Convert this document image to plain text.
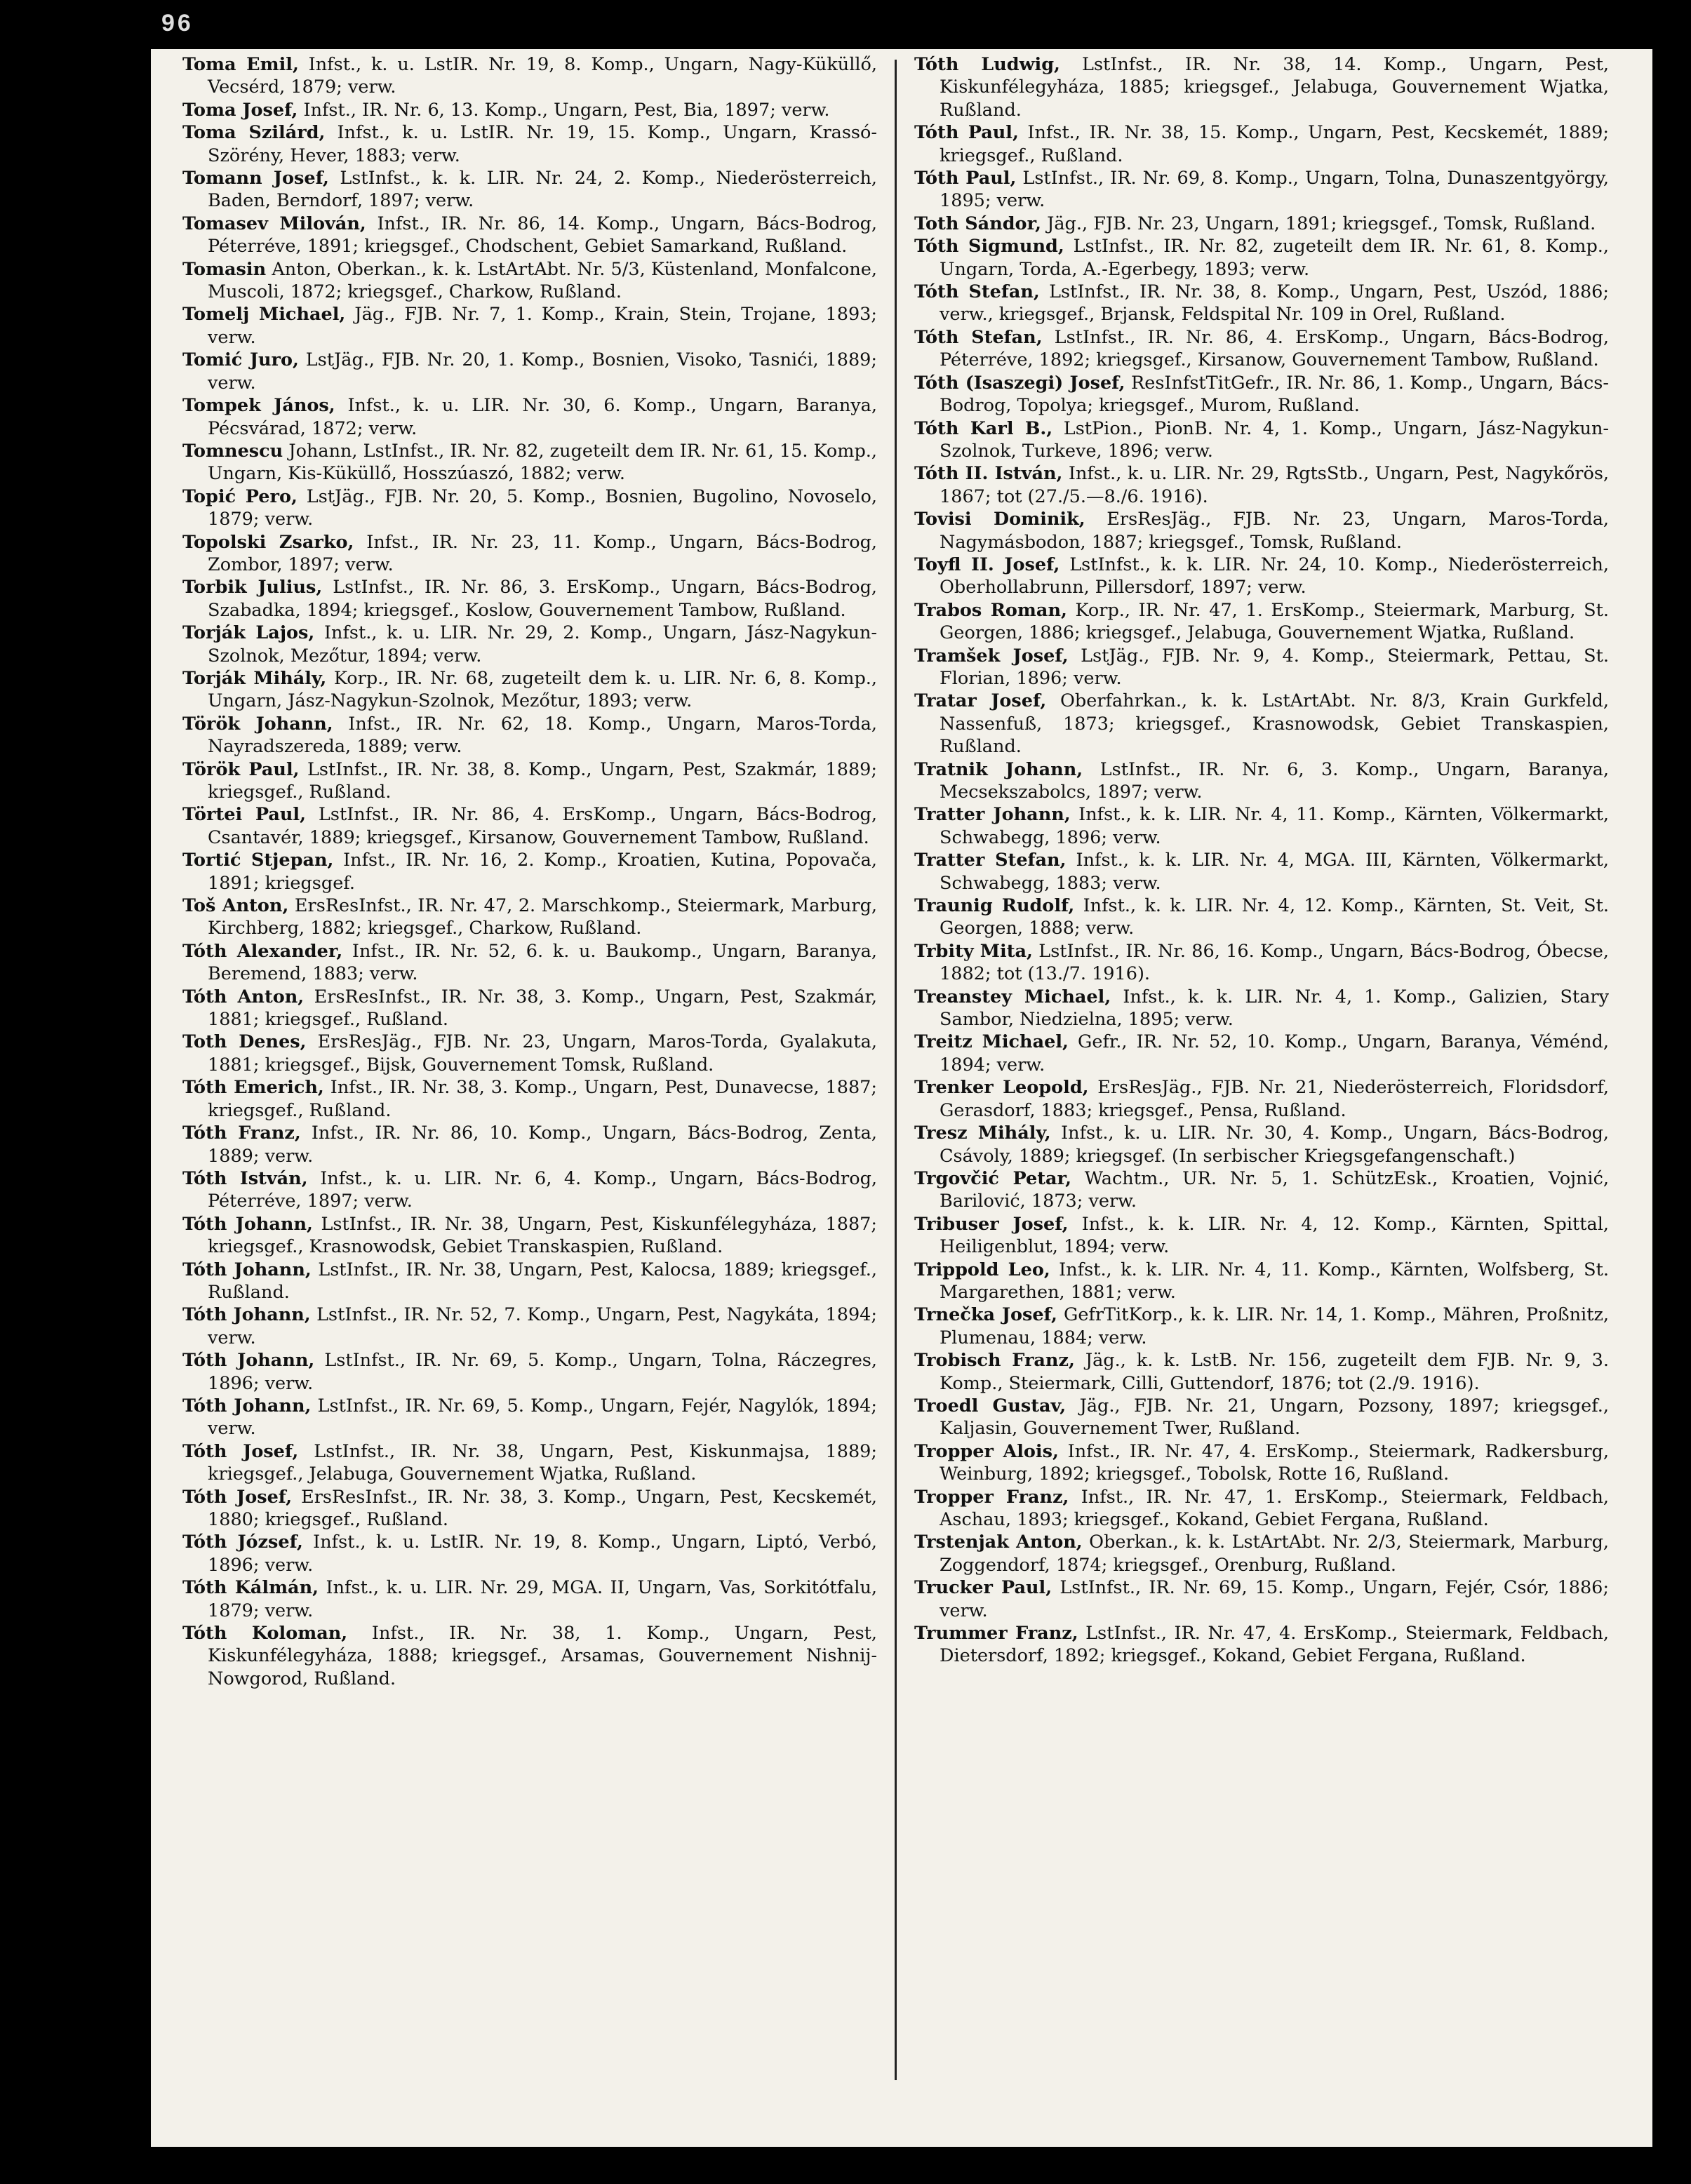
96

Toma Emil, Infst., k. u. LstIR. Nr. 19, 8. Komp., Ungarn, Nagy-Küküllő, Vecsérd, 1879; verw.

Toma Josef, Infst., IR. Nr. 6, 13. Komp., Ungarn, Pest, Bia, 1897; verw.

Toma Szilárd, Infst., k. u. LstIR. Nr. 19, 15. Komp., Ungarn, Krassó-Szörény, Hever, 1883; verw.

Tomann Josef, LstInfst., k. k. LIR. Nr. 24, 2. Komp., Niederösterreich, Baden, Berndorf, 1897; verw.

Tomasev Milován, Infst., IR. Nr. 86, 14. Komp., Ungarn, Bács-Bodrog, Péterréve, 1891; kriegsgef., Chodschent, Gebiet Samarkand, Rußland.

Tomasin Anton, Oberkan., k. k. LstArtAbt. Nr. 5/3, Küstenland, Monfalcone, Muscoli, 1872; kriegsgef., Charkow, Rußland.

Tomelj Michael, Jäg., FJB. Nr. 7, 1. Komp., Krain, Stein, Trojane, 1893; verw.

Tomić Juro, LstJäg., FJB. Nr. 20, 1. Komp., Bosnien, Visoko, Tasnići, 1889; verw.

Tompek János, Infst., k. u. LIR. Nr. 30, 6. Komp., Ungarn, Baranya, Pécsvárad, 1872; verw.

Tomnescu Johann, LstInfst., IR. Nr. 82, zugeteilt dem IR. Nr. 61, 15. Komp., Ungarn, Kis-Küküllő, Hosszúaszó, 1882; verw.

Topić Pero, LstJäg., FJB. Nr. 20, 5. Komp., Bosnien, Bugolino, Novoselo, 1879; verw.

Topolski Zsarko, Infst., IR. Nr. 23, 11. Komp., Ungarn, Bács-Bodrog, Zombor, 1897; verw.

Torbik Julius, LstInfst., IR. Nr. 86, 3. ErsKomp., Ungarn, Bács-Bodrog, Szabadka, 1894; kriegsgef., Koslow, Gouvernement Tambow, Rußland.

Torják Lajos, Infst., k. u. LIR. Nr. 29, 2. Komp., Ungarn, Jász-Nagykun-Szolnok, Mezőtur, 1894; verw.

Torják Mihály, Korp., IR. Nr. 68, zugeteilt dem k. u. LIR. Nr. 6, 8. Komp., Ungarn, Jász-Nagykun-Szolnok, Mezőtur, 1893; verw.

Török Johann, Infst., IR. Nr. 62, 18. Komp., Ungarn, Maros-Torda, Nayradszereda, 1889; verw.

Török Paul, LstInfst., IR. Nr. 38, 8. Komp., Ungarn, Pest, Szakmár, 1889; kriegsgef., Rußland.

Törtei Paul, LstInfst., IR. Nr. 86, 4. ErsKomp., Ungarn, Bács-Bodrog, Csantavér, 1889; kriegsgef., Kirsanow, Gouvernement Tambow, Rußland.

Tortić Stjepan, Infst., IR. Nr. 16, 2. Komp., Kroatien, Kutina, Popovača, 1891; kriegsgef.

Toš Anton, ErsResInfst., IR. Nr. 47, 2. Marschkomp., Steiermark, Marburg, Kirchberg, 1882; kriegsgef., Charkow, Rußland.

Tóth Alexander, Infst., IR. Nr. 52, 6. k. u. Baukomp., Ungarn, Baranya, Beremend, 1883; verw.

Tóth Anton, ErsResInfst., IR. Nr. 38, 3. Komp., Ungarn, Pest, Szakmár, 1881; kriegsgef., Rußland.

Toth Denes, ErsResJäg., FJB. Nr. 23, Ungarn, Maros-Torda, Gyalakuta, 1881; kriegsgef., Bijsk, Gouvernement Tomsk, Rußland.

Tóth Emerich, Infst., IR. Nr. 38, 3. Komp., Ungarn, Pest, Dunavecse, 1887; kriegsgef., Rußland.

Tóth Franz, Infst., IR. Nr. 86, 10. Komp., Ungarn, Bács-Bodrog, Zenta, 1889; verw.

Tóth István, Infst., k. u. LIR. Nr. 6, 4. Komp., Ungarn, Bács-Bodrog, Péterréve, 1897; verw.

Tóth Johann, LstInfst., IR. Nr. 38, Ungarn, Pest, Kiskunfélegyháza, 1887; kriegsgef., Krasnowodsk, Gebiet Transkaspien, Rußland.

Tóth Johann, LstInfst., IR. Nr. 38, Ungarn, Pest, Kalocsa, 1889; kriegsgef., Rußland.

Tóth Johann, LstInfst., IR. Nr. 52, 7. Komp., Ungarn, Pest, Nagykáta, 1894; verw.

Tóth Johann, LstInfst., IR. Nr. 69, 5. Komp., Ungarn, Tolna, Ráczegres, 1896; verw.

Tóth Johann, LstInfst., IR. Nr. 69, 5. Komp., Ungarn, Fejér, Nagylók, 1894; verw.

Tóth Josef, LstInfst., IR. Nr. 38, Ungarn, Pest, Kiskunmajsa, 1889; kriegsgef., Jelabuga, Gouvernement Wjatka, Rußland.

Tóth Josef, ErsResInfst., IR. Nr. 38, 3. Komp., Ungarn, Pest, Kecskemét, 1880; kriegsgef., Rußland.

Tóth József, Infst., k. u. LstIR. Nr. 19, 8. Komp., Ungarn, Liptó, Verbó, 1896; verw.

Tóth Kálmán, Infst., k. u. LIR. Nr. 29, MGA. II, Ungarn, Vas, Sorkitótfalu, 1879; verw.

Tóth Koloman, Infst., IR. Nr. 38, 1. Komp., Ungarn, Pest, Kiskunfélegyháza, 1888; kriegsgef., Arsamas, Gouvernement Nishnij-Nowgorod, Rußland.

Tóth Ludwig, LstInfst., IR. Nr. 38, 14. Komp., Ungarn, Pest, Kiskunfélegyháza, 1885; kriegsgef., Jelabuga, Gouvernement Wjatka, Rußland.

Tóth Paul, Infst., IR. Nr. 38, 15. Komp., Ungarn, Pest, Kecskemét, 1889; kriegsgef., Rußland.

Tóth Paul, LstInfst., IR. Nr. 69, 8. Komp., Ungarn, Tolna, Dunaszentgyörgy, 1895; verw.

Toth Sándor, Jäg., FJB. Nr. 23, Ungarn, 1891; kriegsgef., Tomsk, Rußland.

Tóth Sigmund, LstInfst., IR. Nr. 82, zugeteilt dem IR. Nr. 61, 8. Komp., Ungarn, Torda, A.-Egerbegy, 1893; verw.

Tóth Stefan, LstInfst., IR. Nr. 38, 8. Komp., Ungarn, Pest, Uszód, 1886; verw., kriegsgef., Brjansk, Feldspital Nr. 109 in Orel, Rußland.

Tóth Stefan, LstInfst., IR. Nr. 86, 4. ErsKomp., Ungarn, Bács-Bodrog, Péterréve, 1892; kriegsgef., Kirsanow, Gouvernement Tambow, Rußland.

Tóth (Isaszegi) Josef, ResInfstTitGefr., IR. Nr. 86, 1. Komp., Ungarn, Bács-Bodrog, Topolya; kriegsgef., Murom, Rußland.

Tóth Karl B., LstPion., PionB. Nr. 4, 1. Komp., Ungarn, Jász-Nagykun-Szolnok, Turkeve, 1896; verw.

Tóth II. István, Infst., k. u. LIR. Nr. 29, RgtsStb., Ungarn, Pest, Nagykőrös, 1867; tot (27./5.—8./6. 1916).

Tovisi Dominik, ErsResJäg., FJB. Nr. 23, Ungarn, Maros-Torda, Nagymásbodon, 1887; kriegsgef., Tomsk, Rußland.

Toyfl II. Josef, LstInfst., k. k. LIR. Nr. 24, 10. Komp., Niederösterreich, Oberhollabrunn, Pillersdorf, 1897; verw.

Trabos Roman, Korp., IR. Nr. 47, 1. ErsKomp., Steiermark, Marburg, St. Georgen, 1886; kriegsgef., Jelabuga, Gouvernement Wjatka, Rußland.

Tramšek Josef, LstJäg., FJB. Nr. 9, 4. Komp., Steiermark, Pettau, St. Florian, 1896; verw.

Tratar Josef, Oberfahrkan., k. k. LstArtAbt. Nr. 8/3, Krain Gurkfeld, Nassenfuß, 1873; kriegsgef., Krasnowodsk, Gebiet Transkaspien, Rußland.

Tratnik Johann, LstInfst., IR. Nr. 6, 3. Komp., Ungarn, Baranya, Mecsekszabolcs, 1897; verw.

Tratter Johann, Infst., k. k. LIR. Nr. 4, 11. Komp., Kärnten, Völkermarkt, Schwabegg, 1896; verw.

Tratter Stefan, Infst., k. k. LIR. Nr. 4, MGA. III, Kärnten, Völkermarkt, Schwabegg, 1883; verw.

Traunig Rudolf, Infst., k. k. LIR. Nr. 4, 12. Komp., Kärnten, St. Veit, St. Georgen, 1888; verw.

Trbity Mita, LstInfst., IR. Nr. 86, 16. Komp., Ungarn, Bács-Bodrog, Óbecse, 1882; tot (13./7. 1916).

Treanstey Michael, Infst., k. k. LIR. Nr. 4, 1. Komp., Galizien, Stary Sambor, Niedzielna, 1895; verw.

Treitz Michael, Gefr., IR. Nr. 52, 10. Komp., Ungarn, Baranya, Véménd, 1894; verw.

Trenker Leopold, ErsResJäg., FJB. Nr. 21, Niederösterreich, Floridsdorf, Gerasdorf, 1883; kriegsgef., Pensa, Rußland.

Tresz Mihály, Infst., k. u. LIR. Nr. 30, 4. Komp., Ungarn, Bács-Bodrog, Csávoly, 1889; kriegsgef. (In serbischer Kriegsgefangenschaft.)

Trgovčić Petar, Wachtm., UR. Nr. 5, 1. SchützEsk., Kroatien, Vojnić, Barilović, 1873; verw.

Tribuser Josef, Infst., k. k. LIR. Nr. 4, 12. Komp., Kärnten, Spittal, Heiligenblut, 1894; verw.

Trippold Leo, Infst., k. k. LIR. Nr. 4, 11. Komp., Kärnten, Wolfsberg, St. Margarethen, 1881; verw.

Trnečka Josef, GefrTitKorp., k. k. LIR. Nr. 14, 1. Komp., Mähren, Proßnitz, Plumenau, 1884; verw.

Trobisch Franz, Jäg., k. k. LstB. Nr. 156, zugeteilt dem FJB. Nr. 9, 3. Komp., Steiermark, Cilli, Guttendorf, 1876; tot (2./9. 1916).

Troedl Gustav, Jäg., FJB. Nr. 21, Ungarn, Pozsony, 1897; kriegsgef., Kaljasin, Gouvernement Twer, Rußland.

Tropper Alois, Infst., IR. Nr. 47, 4. ErsKomp., Steiermark, Radkersburg, Weinburg, 1892; kriegsgef., Tobolsk, Rotte 16, Rußland.

Tropper Franz, Infst., IR. Nr. 47, 1. ErsKomp., Steiermark, Feldbach, Aschau, 1893; kriegsgef., Kokand, Gebiet Fergana, Rußland.

Trstenjak Anton, Oberkan., k. k. LstArtAbt. Nr. 2/3, Steiermark, Marburg, Zoggendorf, 1874; kriegsgef., Orenburg, Rußland.

Trucker Paul, LstInfst., IR. Nr. 69, 15. Komp., Ungarn, Fejér, Csór, 1886; verw.

Trummer Franz, LstInfst., IR. Nr. 47, 4. ErsKomp., Steiermark, Feldbach, Dietersdorf, 1892; kriegsgef., Kokand, Gebiet Fergana, Rußland.
